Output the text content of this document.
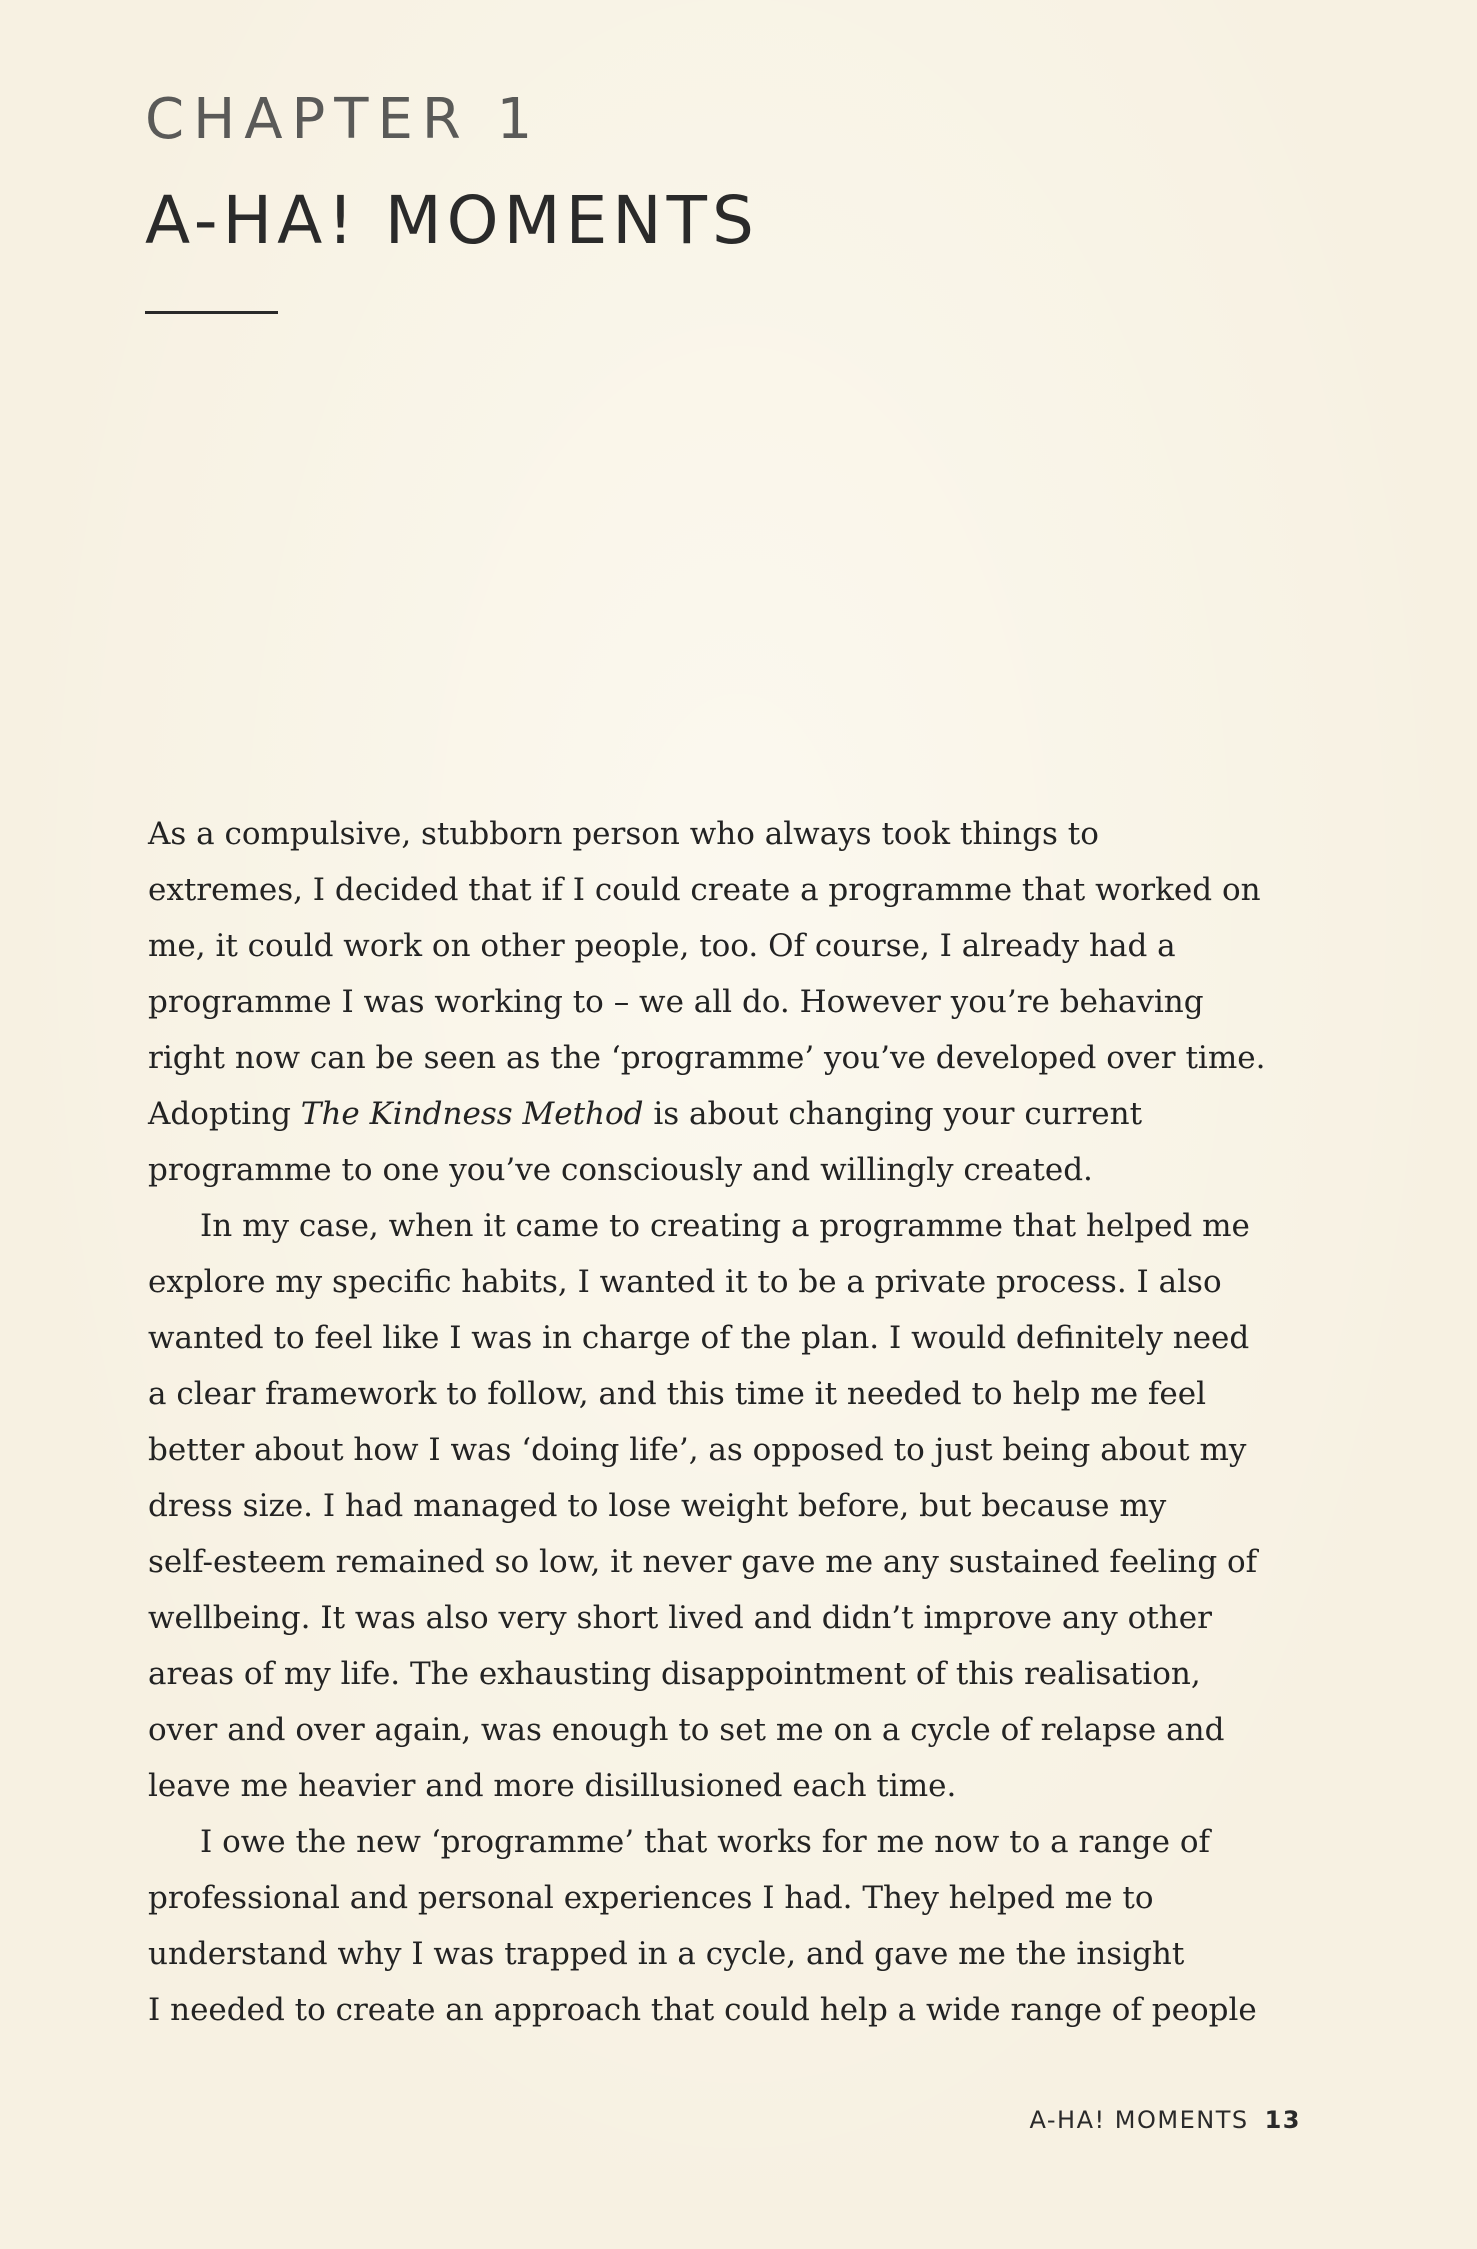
CHAPTER 1
A-HA! MOMENTS

As a compulsive, stubborn person who always took things to

extremes, I decided that if I could create a programme that worked on

me, it could work on other people, too. Of course, I already had a

programme I was working to – we all do. However you’re behaving

right now can be seen as the ‘programme’ you’ve developed over time.

Adopting The Kindness Method is about changing your current

programme to one you’ve consciously and willingly created.

In my case, when it came to creating a programme that helped me

explore my specific habits, I wanted it to be a private process. I also

wanted to feel like I was in charge of the plan. I would definitely need

a clear framework to follow, and this time it needed to help me feel

better about how I was ‘doing life’, as opposed to just being about my

dress size. I had managed to lose weight before, but because my

self-esteem remained so low, it never gave me any sustained feeling of

wellbeing. It was also very short lived and didn’t improve any other

areas of my life. The exhausting disappointment of this realisation,

over and over again, was enough to set me on a cycle of relapse and

leave me heavier and more disillusioned each time.

I owe the new ‘programme’ that works for me now to a range of

professional and personal experiences I had. They helped me to

understand why I was trapped in a cycle, and gave me the insight

I needed to create an approach that could help a wide range of people

A-HA! MOMENTS 13
